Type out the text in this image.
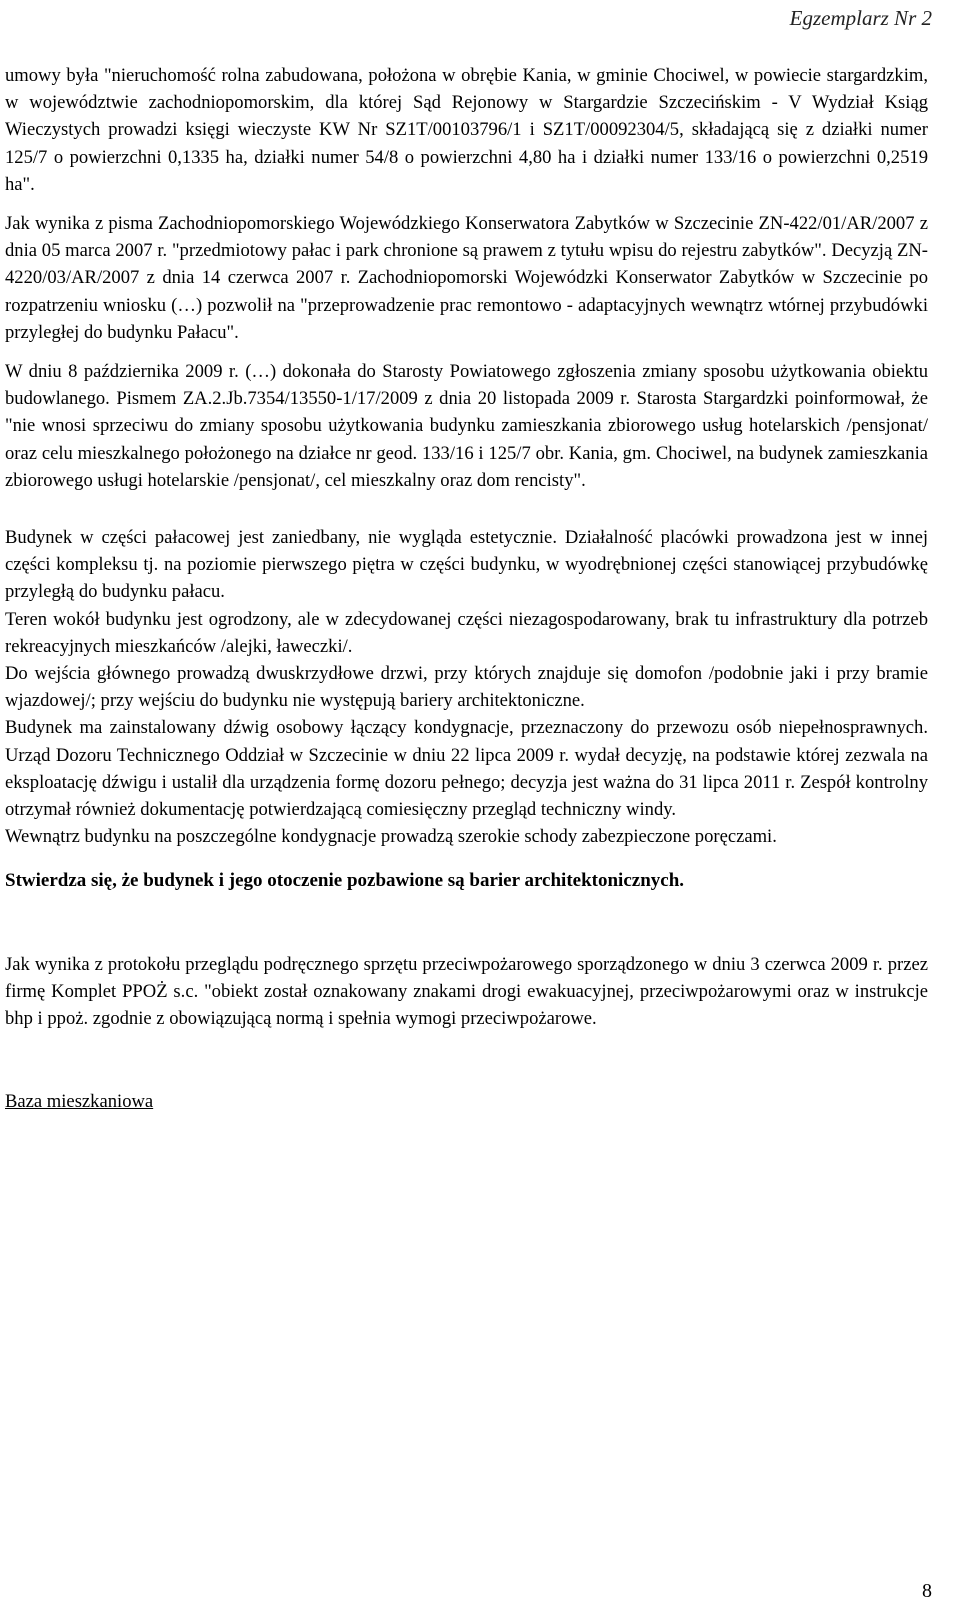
Egzemplarz Nr 2

umowy była "nieruchomość rolna zabudowana, położona w obrębie Kania, w gminie Chociwel, w powiecie stargardzkim, w województwie zachodniopomorskim, dla której Sąd Rejonowy w Stargardzie Szczecińskim - V Wydział Ksiąg Wieczystych prowadzi księgi wieczyste KW Nr SZ1T/00103796/1 i SZ1T/00092304/5, składającą się z działki numer 125/7 o powierzchni 0,1335 ha, działki numer 54/8 o powierzchni 4,80 ha i działki numer 133/16 o powierzchni 0,2519 ha".

Jak wynika z pisma Zachodniopomorskiego Wojewódzkiego Konserwatora Zabytków w Szczecinie ZN-422/01/AR/2007 z dnia 05 marca 2007 r. "przedmiotowy pałac i park chronione są prawem z tytułu wpisu do rejestru zabytków". Decyzją ZN-4220/03/AR/2007 z dnia 14 czerwca 2007 r. Zachodniopomorski Wojewódzki Konserwator Zabytków w Szczecinie po rozpatrzeniu wniosku (…) pozwolił na "przeprowadzenie prac remontowo - adaptacyjnych wewnątrz wtórnej przybudówki przyległej do budynku Pałacu".

W dniu 8 października 2009 r. (…) dokonała do Starosty Powiatowego zgłoszenia zmiany sposobu użytkowania obiektu budowlanego. Pismem ZA.2.Jb.7354/13550-1/17/2009 z dnia 20 listopada 2009 r. Starosta Stargardzki poinformował, że "nie wnosi sprzeciwu do zmiany sposobu użytkowania budynku zamieszkania zbiorowego usług hotelarskich /pensjonat/ oraz celu mieszkalnego położonego na działce nr geod. 133/16 i 125/7 obr. Kania, gm. Chociwel, na budynek zamieszkania zbiorowego usługi hotelarskie /pensjonat/, cel mieszkalny oraz dom rencisty".

Budynek w części pałacowej jest zaniedbany, nie wygląda estetycznie. Działalność placówki prowadzona jest w innej części kompleksu tj. na poziomie pierwszego piętra w części budynku, w wyodrębnionej części stanowiącej przybudówkę przyległą do budynku pałacu.

Teren wokół budynku jest ogrodzony, ale w zdecydowanej części niezagospodarowany, brak tu infrastruktury dla potrzeb rekreacyjnych mieszkańców /alejki, ławeczki/.

Do wejścia głównego prowadzą dwuskrzydłowe drzwi, przy których znajduje się domofon /podobnie jaki i przy bramie wjazdowej/; przy wejściu do budynku nie występują bariery architektoniczne.

Budynek ma zainstalowany dźwig osobowy łączący kondygnacje, przeznaczony do przewozu osób niepełnosprawnych. Urząd Dozoru Technicznego Oddział w Szczecinie w dniu 22 lipca 2009 r. wydał decyzję, na podstawie której zezwala na eksploatację dźwigu i ustalił dla urządzenia formę dozoru pełnego; decyzja jest ważna do 31 lipca 2011 r. Zespół kontrolny otrzymał również dokumentację potwierdzającą comiesięczny przegląd techniczny windy.

Wewnątrz budynku na poszczególne kondygnacje prowadzą szerokie schody zabezpieczone poręczami.

Stwierdza się, że budynek i jego otoczenie pozbawione są barier architektonicznych.

Jak wynika z protokołu przeglądu podręcznego sprzętu przeciwpożarowego sporządzonego w dniu 3 czerwca 2009 r. przez firmę Komplet PPOŻ s.c. "obiekt został oznakowany znakami drogi ewakuacyjnej, przeciwpożarowymi oraz w instrukcje bhp i ppoż. zgodnie z obowiązującą normą i spełnia wymogi przeciwpożarowe.

Baza mieszkaniowa

8
